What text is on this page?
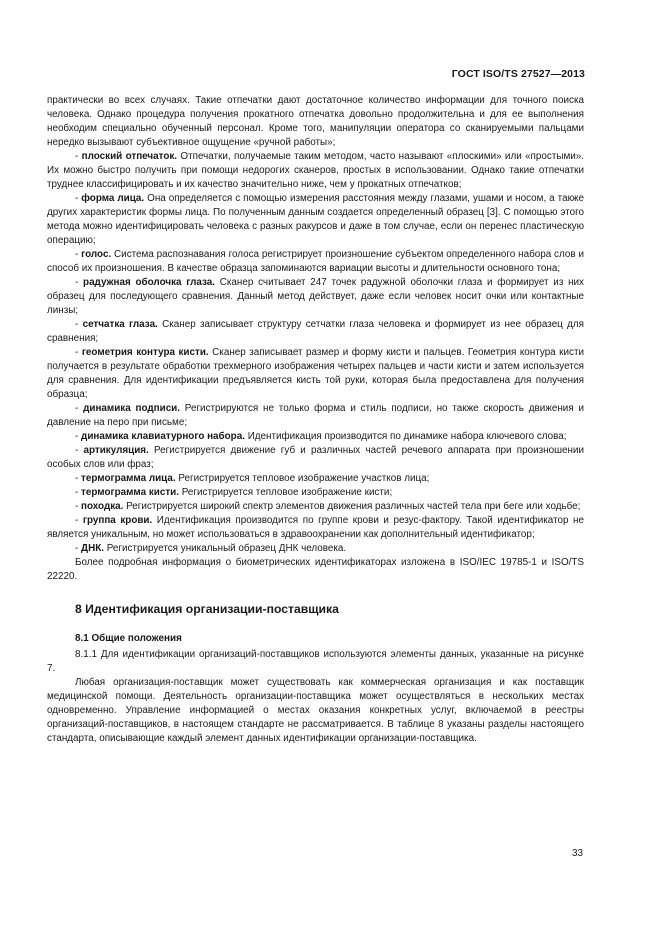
ГОСТ ISO/TS 27527—2013

практически во всех случаях. Такие отпечатки дают достаточное количество информации для точного поиска человека. Однако процедура получения прокатного отпечатка довольно продолжительна и для ее выполнения необходим специально обученный персонал. Кроме того, манипуляции оператора со сканируемыми пальцами нередко вызывают субъективное ощущение «ручной работы»;

- плоский отпечаток. Отпечатки, получаемые таким методом, часто называют «плоскими» или «простыми». Их можно быстро получить при помощи недорогих сканеров, простых в использовании. Однако такие отпечатки труднее классифицировать и их качество значительно ниже, чем у прокатных отпечатков;

- форма лица. Она определяется с помощью измерения расстояния между глазами, ушами и носом, а также других характеристик формы лица. По полученным данным создается определенный образец [3]. С помощью этого метода можно идентифицировать человека с разных ракурсов и даже в том случае, если он перенес пластическую операцию;

- голос. Система распознавания голоса регистрирует произношение субъектом определенного набора слов и способ их произношения. В качестве образца запоминаются вариации высоты и длительности основного тона;

- радужная оболочка глаза. Сканер считывает 247 точек радужной оболочки глаза и формирует из них образец для последующего сравнения. Данный метод действует, даже если человек носит очки или контактные линзы;

- сетчатка глаза. Сканер записывает структуру сетчатки глаза человека и формирует из нее образец для сравнения;

- геометрия контура кисти. Сканер записывает размер и форму кисти и пальцев. Геометрия контура кисти получается в результате обработки трехмерного изображения четырех пальцев и части кисти и затем используется для сравнения. Для идентификации предъявляется кисть той руки, которая была предоставлена для получения образца;

- динамика подписи. Регистрируются не только форма и стиль подписи, но также скорость движения и давление на перо при письме;

- динамика клавиатурного набора. Идентификация производится по динамике набора ключевого слова;

- артикуляция. Регистрируется движение губ и различных частей речевого аппарата при произношении особых слов или фраз;

- термограмма лица. Регистрируется тепловое изображение участков лица;

- термограмма кисти. Регистрируется тепловое изображение кисти;

- походка. Регистрируется широкий спектр элементов движения различных частей тела при беге или ходьбе;

- группа крови. Идентификация производится по группе крови и резус-фактору. Такой идентификатор не является уникальным, но может использоваться в здравоохранении как дополнительный идентификатор;

- ДНК. Регистрируется уникальный образец ДНК человека.

Более подробная информация о биометрических идентификаторах изложена в ISO/IEC 19785-1 и ISO/TS 22220.

8 Идентификация организации-поставщика
8.1 Общие положения

8.1.1 Для идентификации организаций-поставщиков используются элементы данных, указанные на рисунке 7.

Любая организация-поставщик может существовать как коммерческая организация и как поставщик медицинской помощи. Деятельность организации-поставщика может осуществляться в нескольких местах одновременно. Управление информацией о местах оказания конкретных услуг, включаемой в реестры организаций-поставщиков, в настоящем стандарте не рассматривается. В таблице 8 указаны разделы настоящего стандарта, описывающие каждый элемент данных идентификации организации-поставщика.

33
